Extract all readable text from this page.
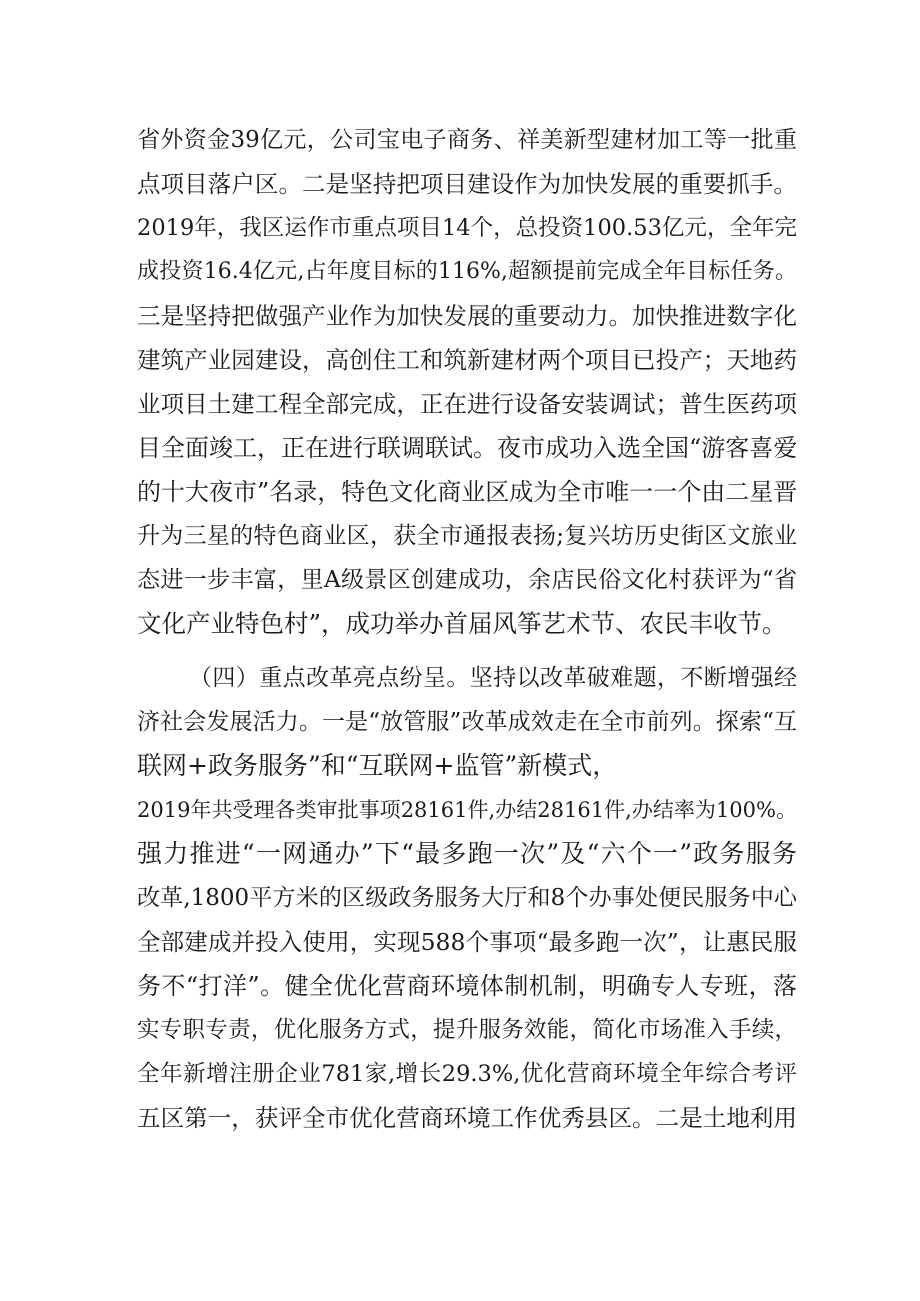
省外资金39亿元，公司宝电子商务、祥美新型建材加工等一批重
点项目落户区。二是坚持把项目建设作为加快发展的重要抓手。
2019年，我区运作市重点项目14个，总投资100.53亿元，全年完
成投资16.4亿元,占年度目标的116%,超额提前完成全年目标任务。
三是坚持把做强产业作为加快发展的重要动力。加快推进数字化
建筑产业园建设，高创住工和筑新建材两个项目已投产；天地药
业项目土建工程全部完成，正在进行设备安装调试；普生医药项
目全面竣工，正在进行联调联试。夜市成功入选全国“游客喜爱
的十大夜市”名录，特色文化商业区成为全市唯一一个由二星晋
升为三星的特色商业区，获全市通报表扬;复兴坊历史街区文旅业
态进一步丰富，里A级景区创建成功，余店民俗文化村获评为“省
文化产业特色村”，成功举办首届风筝艺术节、农民丰收节。
（四）重点改革亮点纷呈。坚持以改革破难题，不断增强经
济社会发展活力。一是“放管服”改革成效走在全市前列。探索“互
联网+政务服务”和“互联网+监管”新模式，
2019年共受理各类审批事项28161件,办结28161件,办结率为100%。
强力推进“一网通办”下“最多跑一次”及“六个一”政务服务
改革,1800平方米的区级政务服务大厅和8个办事处便民服务中心
全部建成并投入使用，实现588个事项“最多跑一次”，让惠民服
务不“打洋”。健全优化营商环境体制机制，明确专人专班，落
实专职专责，优化服务方式，提升服务效能，简化市场准入手续，
全年新增注册企业781家,增长29.3%,优化营商环境全年综合考评
五区第一，获评全市优化营商环境工作优秀县区。二是土地利用
